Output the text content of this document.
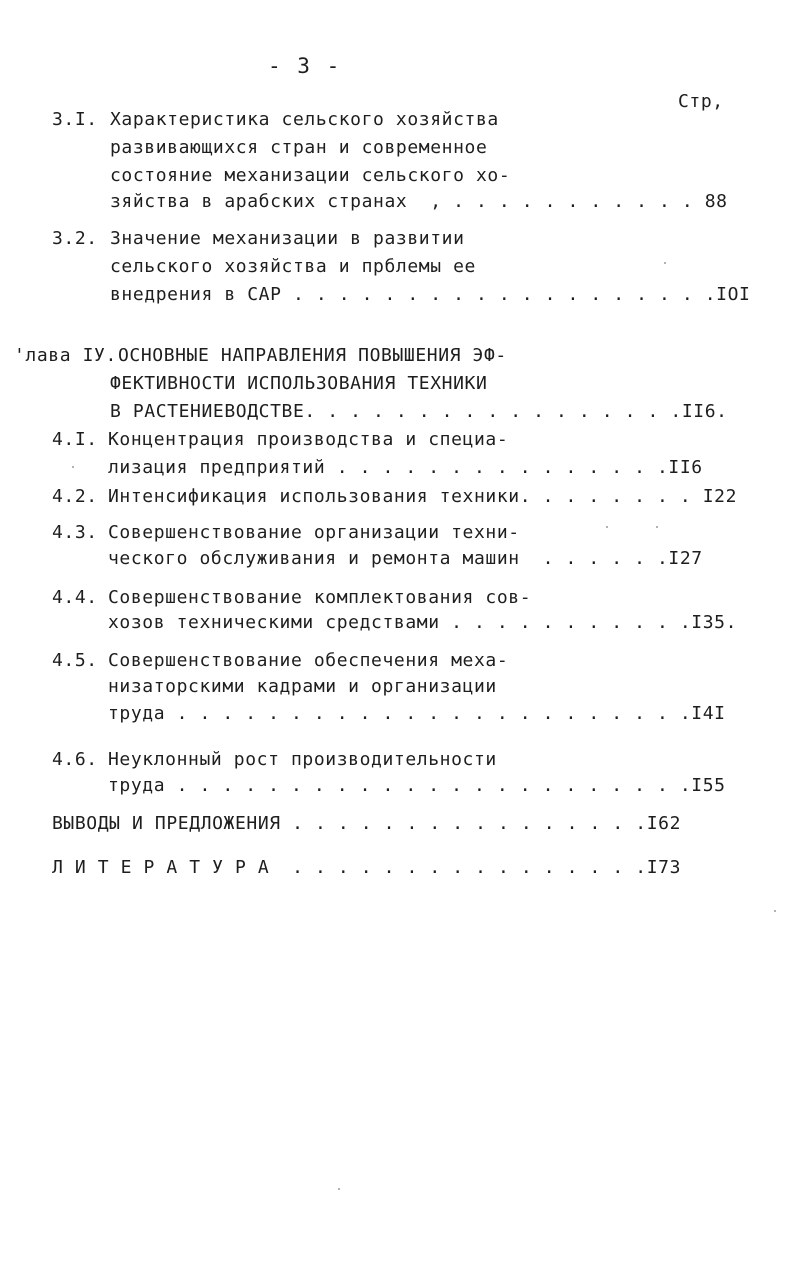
- 3 -
Стр,
3.I. Характеристика сельского хозяйства
развивающихся стран и современное
состояние механизации сельского хо-
зяйства в арабских странах  , . . . . . . . . . . . 88
3.2. Значение механизации в развитии
сельского хозяйства и прблемы ее
внедрения в САР . . . . . . . . . . . . . . . . . . .IOI
'лава IУ. ОСНОВНЫЕ НАПРАВЛЕНИЯ ПОВЫШЕНИЯ ЭФ-
ФЕКТИВНОСТИ ИСПОЛЬЗОВАНИЯ ТЕХНИКИ
В РАСТЕНИЕВОДСТВЕ. . . . . . . . . . . . . . . . .II6.
4.I. Концентрация производства и специа-
лизация предприятий . . . . . . . . . . . . . . .II6
4.2. Интенсификация использования техники. . . . . . . . I22
4.3. Совершенствование организации техни-
ческого обслуживания и ремонта машин  . . . . . .I27
4.4. Совершенствование комплектования сов-
хозов техническими средствами . . . . . . . . . . .I35.
4.5. Совершенствование обеспечения меха-
низаторскими кадрами и организации
труда . . . . . . . . . . . . . . . . . . . . . . .I4I
4.6. Неуклонный рост производительности
труда . . . . . . . . . . . . . . . . . . . . . . .I55
ВЫВОДЫ И ПРЕДЛОЖЕНИЯ . . . . . . . . . . . . . . . .I62
Л И Т Е Р А Т У Р А  . . . . . . . . . . . . . . . .I73
